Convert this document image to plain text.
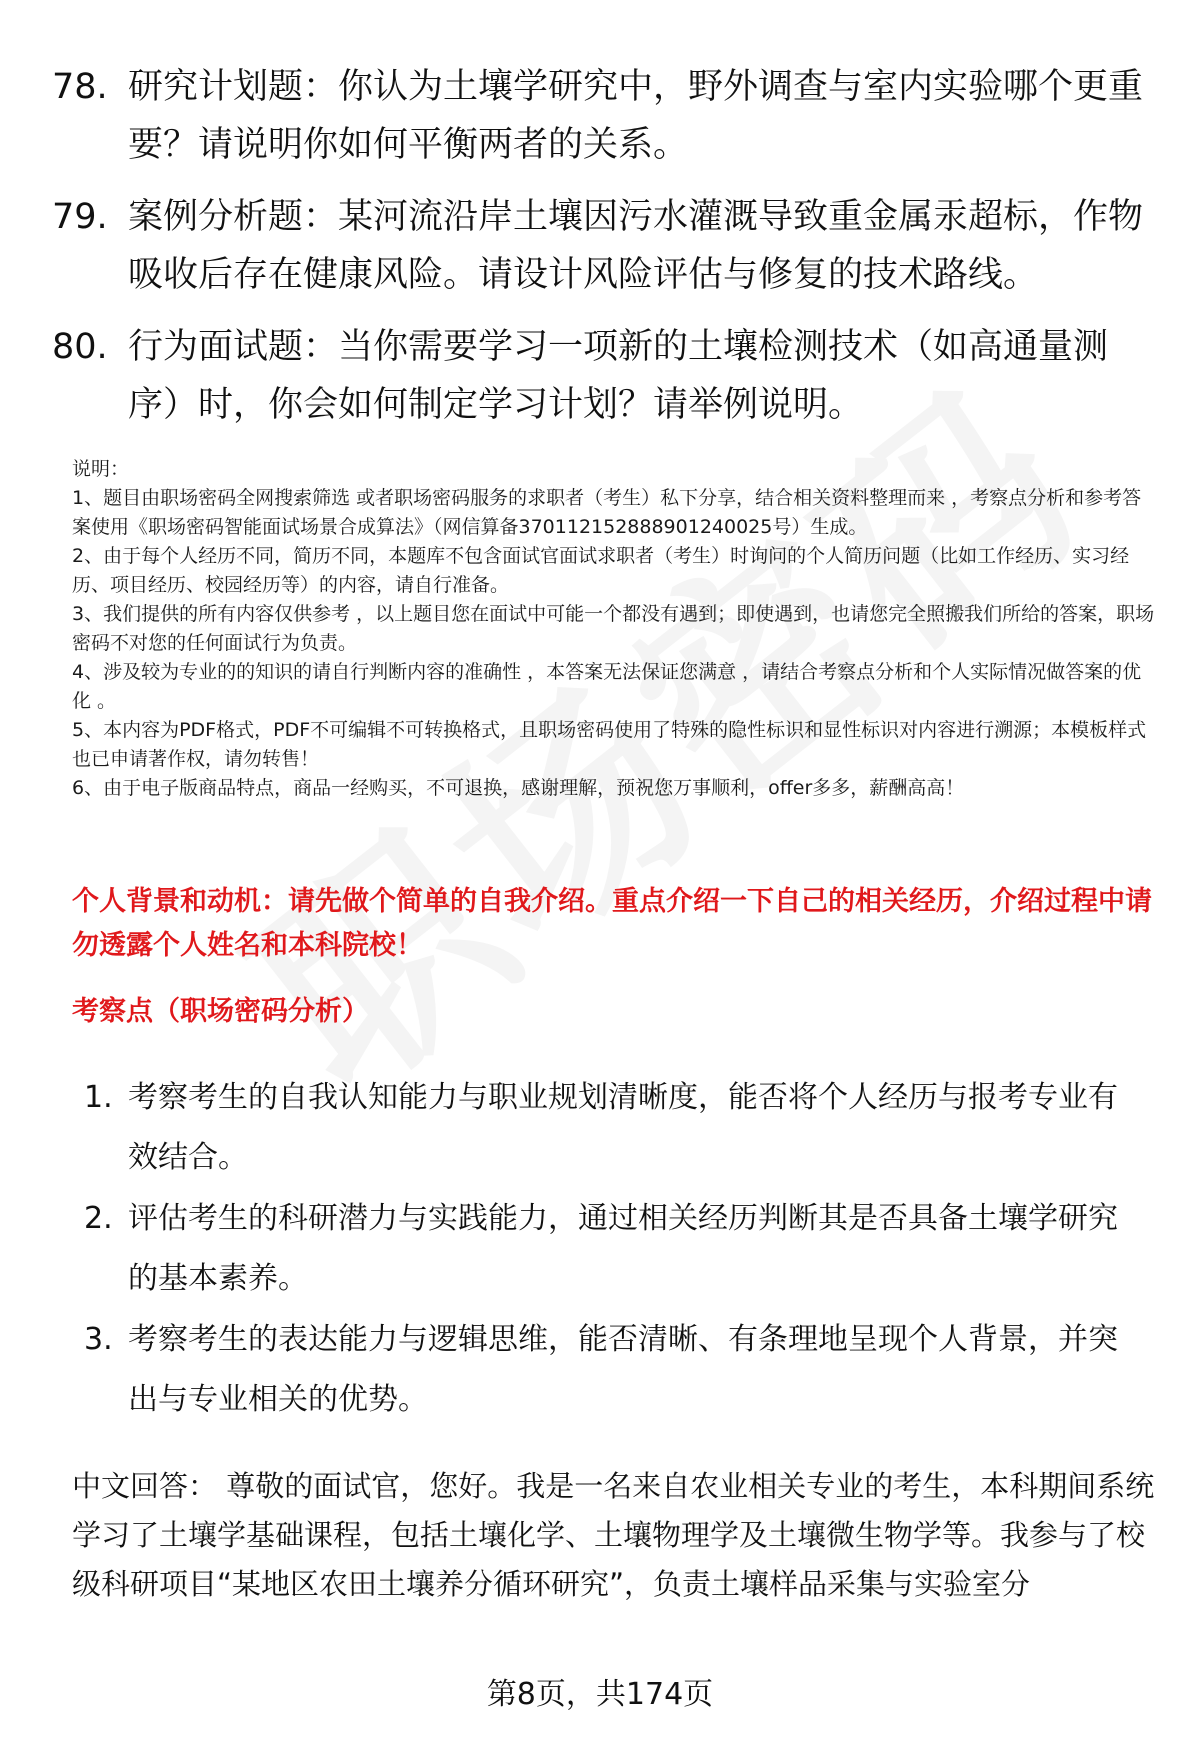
78. 研究计划题：你认为土壤学研究中，野外调查与室内实验哪个更重要？请说明你如何平衡两者的关系。
79. 案例分析题：某河流沿岸土壤因污水灌溉导致重金属汞超标，作物吸收后存在健康风险。请设计风险评估与修复的技术路线。
80. 行为面试题：当你需要学习一项新的土壤检测技术（如高通量测序）时，你会如何制定学习计划？请举例说明。

说明：

1、题目由职场密码全网搜索筛选 或者职场密码服务的求职者（考生）私下分享，结合相关资料整理而来 ，考察点分析和参考答案使用《职场密码智能面试场景合成算法》（网信算备370112152888901240025号）生成。

2、由于每个人经历不同，简历不同，本题库不包含面试官面试求职者（考生）时询问的个人简历问题（比如工作经历、实习经历、项目经历、校园经历等）的内容，请自行准备。

3、我们提供的所有内容仅供参考 ，以上题目您在面试中可能一个都没有遇到；即使遇到，也请您完全照搬我们所给的答案，职场密码不对您的任何面试行为负责。

4、涉及较为专业的的知识的请自行判断内容的准确性 ，本答案无法保证您满意 ，请结合考察点分析和个人实际情况做答案的优化 。

5、本内容为PDF格式，PDF不可编辑不可转换格式，且职场密码使用了特殊的隐性标识和显性标识对内容进行溯源；本模板样式也已申请著作权，请勿转售！

6、由于电子版商品特点，商品一经购买，不可退换，感谢理解，预祝您万事顺利，offer多多，薪酬高高！

个人背景和动机：请先做个简单的自我介绍。重点介绍一下自己的相关经历，介绍过程中请勿透露个人姓名和本科院校！
考察点（职场密码分析）
1. 考察考生的自我认知能力与职业规划清晰度，能否将个人经历与报考专业有效结合。
2. 评估考生的科研潜力与实践能力，通过相关经历判断其是否具备土壤学研究的基本素养。
3. 考察考生的表达能力与逻辑思维，能否清晰、有条理地呈现个人背景，并突出与专业相关的优势。
中文回答： 尊敬的面试官，您好。我是一名来自农业相关专业的考生，本科期间系统学习了土壤学基础课程，包括土壤化学、土壤物理学及土壤微生物学等。我参与了校级科研项目“某地区农田土壤养分循环研究”，负责土壤样品采集与实验室分
第8页，共174页
